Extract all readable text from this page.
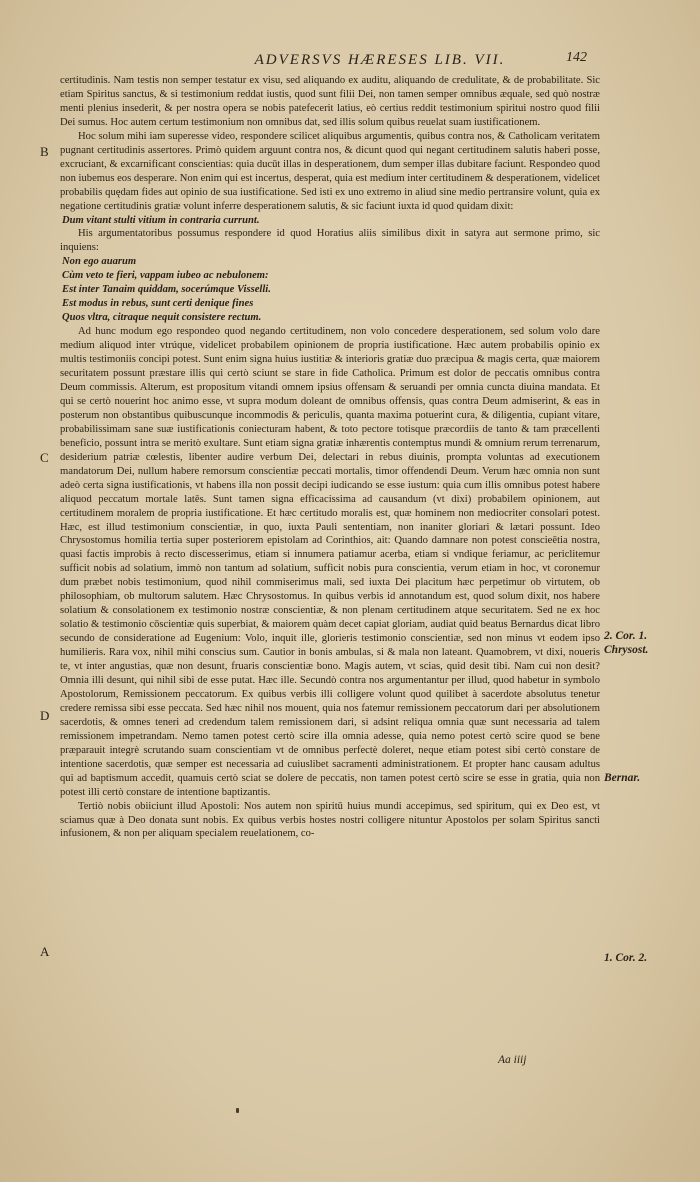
ADVERSVS HÆRESES LIB. VII.	142

certitudinis. Nam testis non semper testatur ex visu, sed aliquando ex auditu, aliquando de credulitate, & de probabilitate. Sic etiam Spiritus sanctus, & si testimonium reddat iustis, quod sunt filii Dei, non tamen semper omnibus æquale, sed quò nostræ menti plenius insederit, & per nostra opera se nobis patefecerit latius, eò certius reddit testimonium spiritui nostro quod filii Dei sumus. Hoc autem certum testimonium non omnibus dat, sed illis solum quibus reuelat suam iustificationem.

Hoc solum mihi iam superesse video, respondere scilicet aliquibus argumentis, quibus contra nos, & Catholicam veritatem pugnant certitudinis assertores. Primò quidem arguunt contra nos, & dicunt quod qui negant certitudinem salutis haberi posse, excruciant, & excarnificant conscientias: quia ducūt illas in desperationem, dum semper illas dubitare faciunt. Respondeo quod non iubemus eos desperare. Non enim qui est incertus, desperat, quia est medium inter certitudinem & desperationem, videlicet probabilis quędam fides aut opinio de sua iustificatione. Sed isti ex uno extremo in aliud sine medio pertransire volunt, quia ex negatione certitudinis gratiæ volunt inferre desperationem salutis, & sic faciunt iuxta id quod quidam dixit:

Dum vitant stulti vitium in contraria currunt.

His argumentatoribus possumus respondere id quod Horatius aliis similibus dixit in satyra aut sermone primo, sic inquiens:

Non ego auarum

Cùm veto te fieri, vappam iubeo ac nebulonem:

Est inter Tanaim quiddam, socerúmque Visselli.

Est modus in rebus, sunt certi denique fines

Quos vltra, citraque nequit consistere rectum.

Ad hunc modum ego respondeo quod negando certitudinem, non volo concedere desperationem, sed solum volo dare medium aliquod inter vtrúque, videlicet probabilem opinionem de propria iustificatione. Hæc autem probabilis opinio ex multis testimoniis concipi potest. Sunt enim signa huius iustitiæ & interioris gratiæ duo præcipua & magis certa, quæ maiorem securitatem possunt præstare illis qui certò sciunt se stare in fide Catholica. Primum est dolor de peccatis omnibus contra Deum commissis. Alterum, est propositum vitandi omnem ipsius offensam & seruandi per omnia cuncta diuina mandata. Et qui se certò nouerint hoc animo esse, vt supra modum doleant de omnibus offensis, quas contra Deum admiserint, & eas in posterum non obstantibus quibuscunque incommodis & periculis, quanta maxima potuerint cura, & diligentia, cupiant vitare, probabilissimam sane suæ iustificationis coniecturam habent, & toto pectore totisque præcordiis de tanto & tam præcellenti beneficio, possunt intra se meritò exultare. Sunt etiam signa gratiæ inhærentis contemptus mundi & omnium rerum terrenarum, desiderium patriæ cœlestis, libenter audire verbum Dei, delectari in rebus diuinis, prompta voluntas ad executionem mandatorum Dei, nullum habere remorsum conscientiæ peccati mortalis, timor offendendi Deum. Verum hæc omnia non sunt adeò certa signa iustificationis, vt habens illa non possit decipi iudicando se esse iustum: quia cum illis omnibus potest habere aliquod peccatum mortale latēs. Sunt tamen signa efficacissima ad causandum (vt dixi) probabilem opinionem, aut certitudinem moralem de propria iustificatione. Et hæc certitudo moralis est, quæ hominem non mediocriter consolari potest. Hæc, est illud testimonium conscientiæ, in quo, iuxta Pauli sententiam, non inaniter gloriari & lætari possunt. Ideo Chrysostomus homilia tertia super posteriorem epistolam ad Corinthios, ait: Quando damnare non potest conscieētia nostra, quasi factis improbis à recto discesserimus, etiam si innumera patiamur acerba, etiam si vndique feriamur, ac periclitemur sufficit nobis ad solatium, immò non tantum ad solatium, sufficit nobis pura conscientia, verum etiam in hoc, vt coronemur dum præbet nobis testimonium, quod nihil commiserimus mali, sed iuxta Dei placitum hæc perpetimur ob virtutem, ob philosophiam, ob multorum salutem. Hæc Chrysostomus. In quibus verbis id annotandum est, quod solum dixit, nos habere solatium & consolationem ex testimonio nostræ conscientiæ, & non plenam certitudinem atque securitatem. Sed ne ex hoc solatio & testimonio cōscientiæ quis superbiat, & maiorem quàm decet capiat gloriam, audiat quid beatus Bernardus dicat libro secundo de consideratione ad Eugenium: Volo, inquit ille, glorieris testimonio conscientiæ, sed non minus vt eodem ipso humilieris. Rara vox, nihil mihi conscius sum. Cautior in bonis ambulas, si & mala non lateant. Quamobrem, vt dixi, noueris te, vt inter angustias, quæ non desunt, fruaris conscientiæ bono. Magis autem, vt scias, quid desit tibi. Nam cui non desit? Omnia illi desunt, qui nihil sibi de esse putat. Hæc ille. Secundò contra nos argumentantur per illud, quod habetur in symbolo Apostolorum, Remissionem peccatorum. Ex quibus verbis illi colligere volunt quod quilibet à sacerdote absolutus tenetur credere remissa sibi esse peccata. Sed hæc nihil nos mouent, quia nos fatemur remissionem peccatorum dari per absolutionem sacerdotis, & omnes teneri ad credendum talem remissionem dari, si adsint reliqua omnia quæ sunt necessaria ad talem remissionem impetrandam. Nemo tamen potest certò scire illa omnia adesse, quia nemo potest certò scire quod se bene præparauit integrè scrutando suam conscientiam vt de omnibus perfectè doleret, neque etiam potest sibi certò constare de intentione sacerdotis, quæ semper est necessaria ad cuiuslibet sacramenti administrationem. Et propter hanc causam adultus qui ad baptismum accedit, quamuis certò sciat se dolere de peccatis, non tamen potest certò scire se esse in gratia, quia non potest illi certò constare de intentione baptizantis.

Tertiò nobis obiiciunt illud Apostoli: Nos autem non spiritū huius mundi accepimus, sed spiritum, qui ex Deo est, vt sciamus quæ à Deo donata sunt nobis. Ex quibus verbis hostes nostri colligere nituntur Apostolos per solam Spiritus sancti infusionem, & non per aliquam specialem reuelationem, co-

B
C
D
A
2. Cor. 1.
Chrysost.
Bernar.
1. Cor. 2.
Aa iiij
